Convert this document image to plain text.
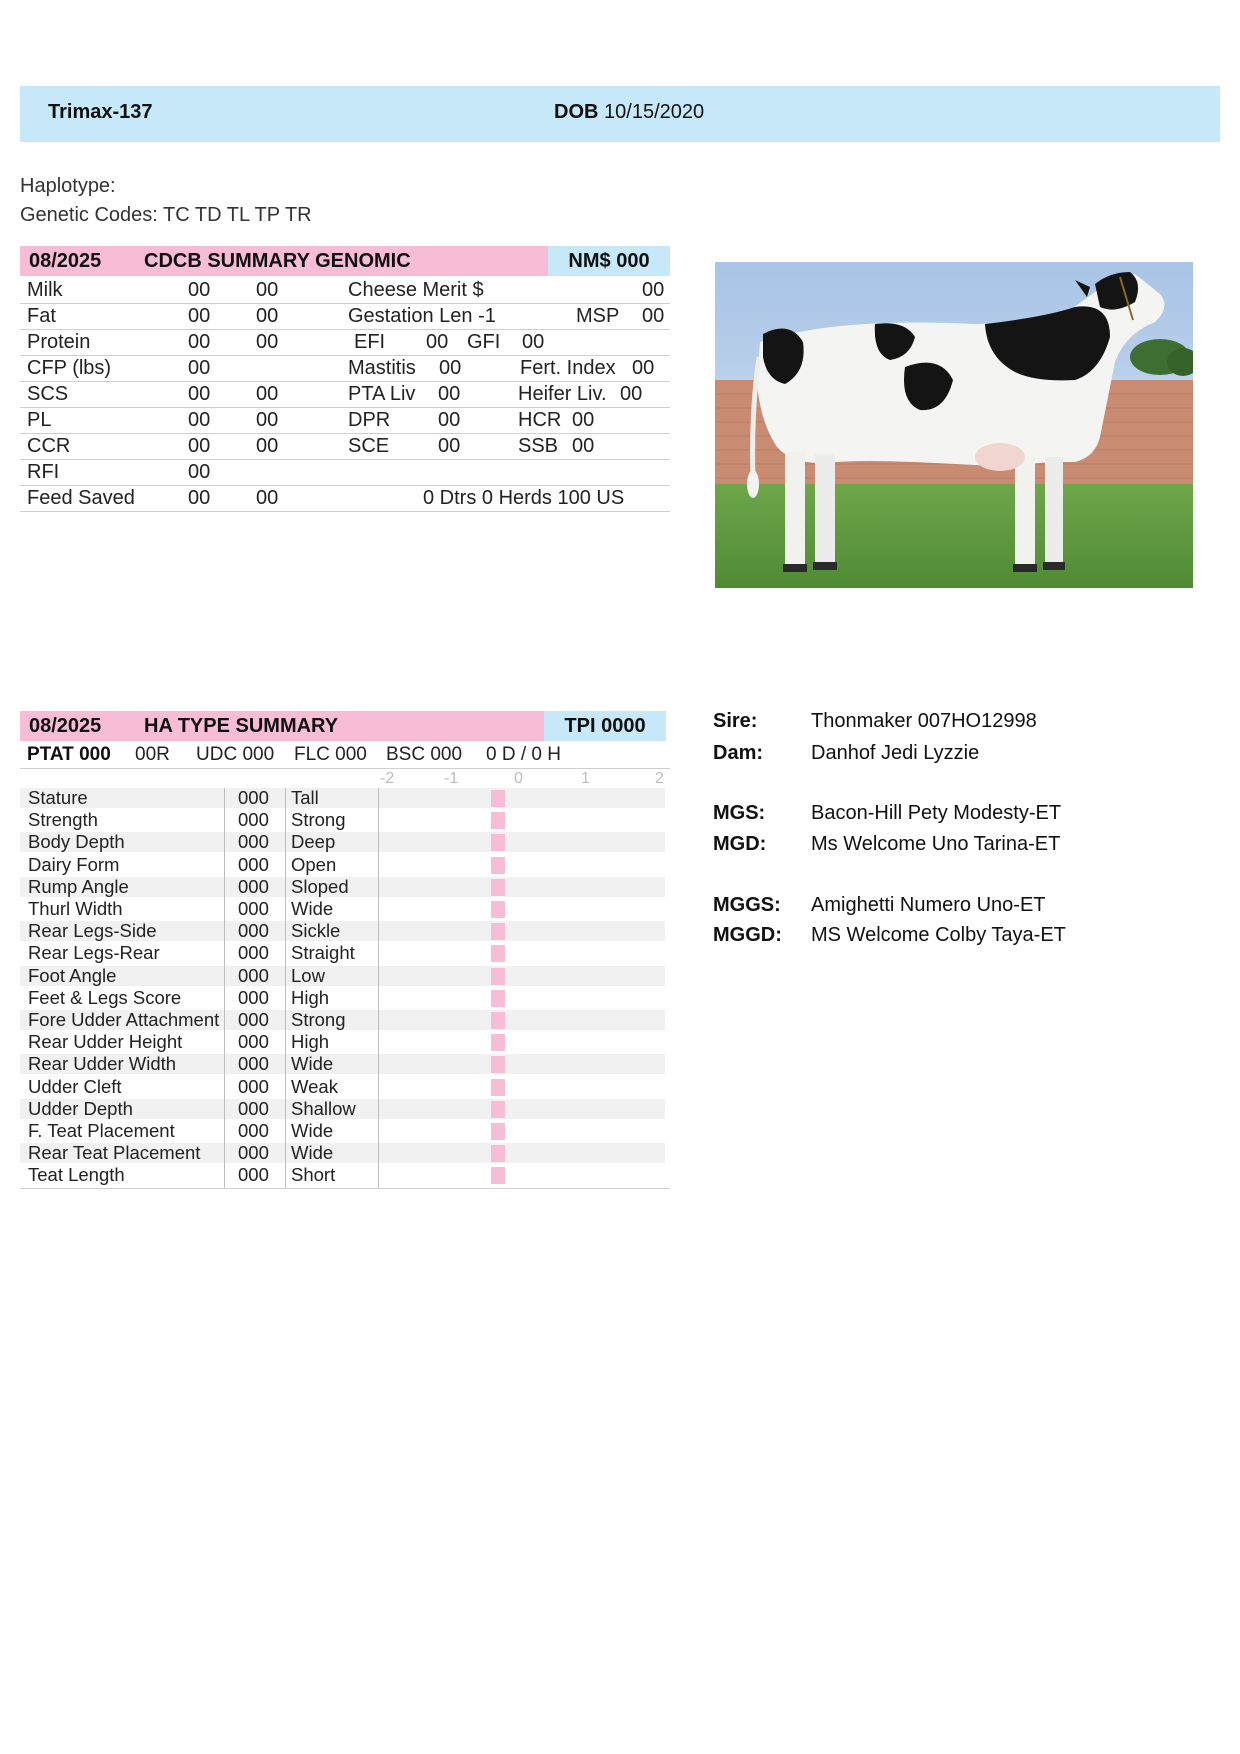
Trimax-137	DOB 10/15/2020
Haplotype:
Genetic Codes: TC TD TL TP TR
08/2025	CDCB SUMMARY GENOMIC	NM$ 000
Milk	00 00	Cheese Merit $	00
Fat	00 00	Gestation Len -1	MSP 00
Protein	00 00	EFI 00 GFI 00
CFP (lbs)	00	Mastitis 00	Fert. Index 00
SCS	00 00	PTA Liv 00	Heifer Liv. 00
PL	00 00	DPR 00	HCR 00
CCR	00 00	SCE 00	SSB 00
RFI	00
Feed Saved	00 00	0 Dtrs 0 Herds 100 US
08/2025	HA TYPE SUMMARY	TPI 0000
PTAT 000 00R UDC 000 FLC 000 BSC 000 0 D / 0 H
-2	-1	0	1	2
Stature	000 Tall
Strength	000 Strong
Body Depth	000 Deep
Dairy Form	000 Open
Rump Angle	000 Sloped
Thurl Width	000 Wide
Rear Legs-Side	000 Sickle
Rear Legs-Rear	000 Straight
Foot Angle	000 Low
Feet & Legs Score	000 High
Fore Udder Attachment 000 Strong
Rear Udder Height	000 High
Rear Udder Width	000 Wide
Udder Cleft	000 Weak
Udder Depth	000 Shallow
F. Teat Placement	000 Wide
Rear Teat Placement 000 Wide
Teat Length	000 Short
Sire:	Thonmaker 007HO12998
Dam: Danhof Jedi Lyzzie
MGS: Bacon-Hill Pety Modesty-ET
MGD: Ms Welcome Uno Tarina-ET
MGGS: Amighetti Numero Uno-ET
MGGD: MS Welcome Colby Taya-ET
